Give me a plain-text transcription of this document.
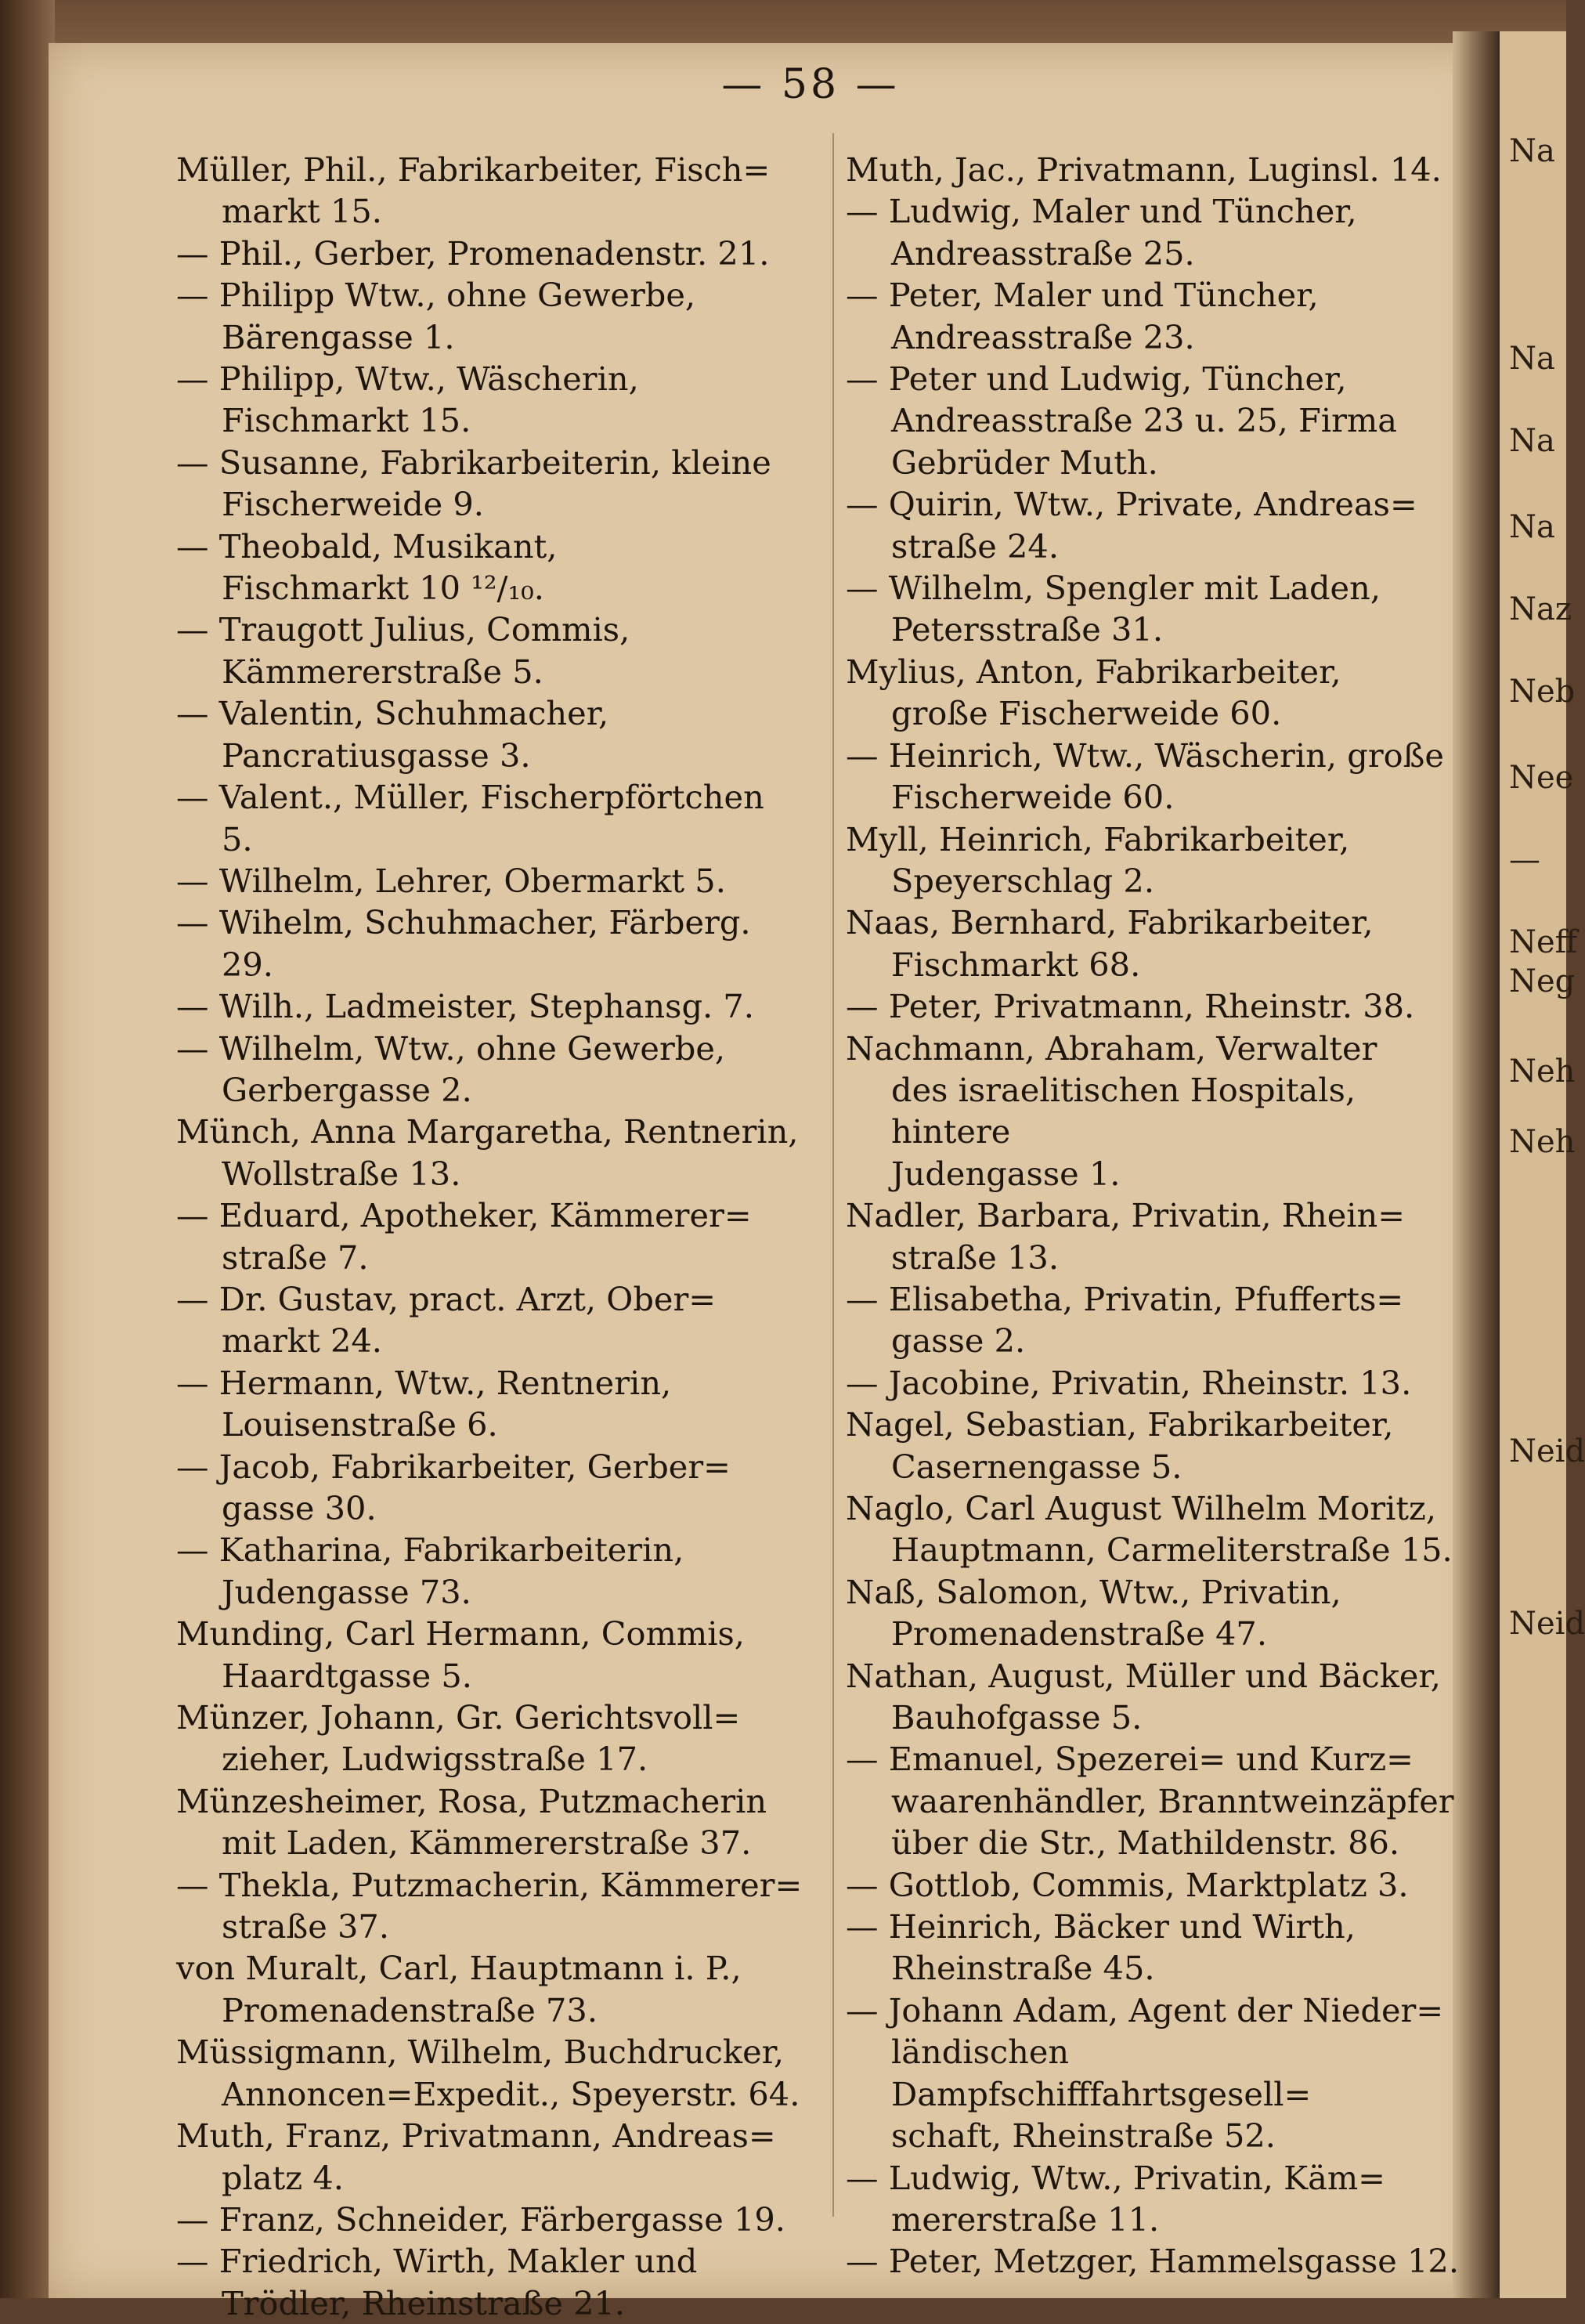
Na
Na
Na
Na
Naz
Neb
Nee
—
Neff
Neg
Neh
Neh
Neid
Neid
— 58 —
Müller, Phil., Fabrikarbeiter, Fisch=
markt 15.
— Phil., Gerber, Promenadenstr. 21.
— Philipp Wtw., ohne Gewerbe,
Bärengasse 1.
— Philipp, Wtw., Wäscherin,
Fischmarkt 15.
— Susanne, Fabrikarbeiterin, kleine
Fischerweide 9.
— Theobald, Musikant,
Fischmarkt 10 ¹²/₁₀.
— Traugott Julius, Commis,
Kämmererstraße 5.
— Valentin, Schuhmacher,
Pancratiusgasse 3.
— Valent., Müller, Fischerpförtchen 5.
— Wilhelm, Lehrer, Obermarkt 5.
— Wihelm, Schuhmacher, Färberg. 29.
— Wilh., Ladmeister, Stephansg. 7.
— Wilhelm, Wtw., ohne Gewerbe,
Gerbergasse 2.
Münch, Anna Margaretha, Rentnerin,
Wollstraße 13.
— Eduard, Apotheker, Kämmerer=
straße 7.
— Dr. Gustav, pract. Arzt, Ober=
markt 24.
— Hermann, Wtw., Rentnerin,
Louisenstraße 6.
— Jacob, Fabrikarbeiter, Gerber=
gasse 30.
— Katharina, Fabrikarbeiterin,
Judengasse 73.
Munding, Carl Hermann, Commis,
Haardtgasse 5.
Münzer, Johann, Gr. Gerichtsvoll=
zieher, Ludwigsstraße 17.
Münzesheimer, Rosa, Putzmacherin
mit Laden, Kämmererstraße 37.
— Thekla, Putzmacherin, Kämmerer=
straße 37.
von Muralt, Carl, Hauptmann i. P.,
Promenadenstraße 73.
Müssigmann, Wilhelm, Buchdrucker,
Annoncen=Expedit., Speyerstr. 64.
Muth, Franz, Privatmann, Andreas=
platz 4.
— Franz, Schneider, Färbergasse 19.
— Friedrich, Wirth, Makler und
Trödler, Rheinstraße 21.
Muth, Jac., Privatmann, Luginsl. 14.
— Ludwig, Maler und Tüncher,
Andreasstraße 25.
— Peter, Maler und Tüncher,
Andreasstraße 23.
— Peter und Ludwig, Tüncher,
Andreasstraße 23 u. 25, Firma
Gebrüder Muth.
— Quirin, Wtw., Private, Andreas=
straße 24.
— Wilhelm, Spengler mit Laden,
Petersstraße 31.
Mylius, Anton, Fabrikarbeiter,
große Fischerweide 60.
— Heinrich, Wtw., Wäscherin, große
Fischerweide 60.
Myll, Heinrich, Fabrikarbeiter,
Speyerschlag 2.
Naas, Bernhard, Fabrikarbeiter,
Fischmarkt 68.
— Peter, Privatmann, Rheinstr. 38.
Nachmann, Abraham, Verwalter
des israelitischen Hospitals, hintere
Judengasse 1.
Nadler, Barbara, Privatin, Rhein=
straße 13.
— Elisabetha, Privatin, Pfufferts=
gasse 2.
— Jacobine, Privatin, Rheinstr. 13.
Nagel, Sebastian, Fabrikarbeiter,
Casernengasse 5.
Naglo, Carl August Wilhelm Moritz,
Hauptmann, Carmeliterstraße 15.
Naß, Salomon, Wtw., Privatin,
Promenadenstraße 47.
Nathan, August, Müller und Bäcker,
Bauhofgasse 5.
— Emanuel, Spezerei= und Kurz=
waarenhändler, Branntweinzäpfer
über die Str., Mathildenstr. 86.
— Gottlob, Commis, Marktplatz 3.
— Heinrich, Bäcker und Wirth,
Rheinstraße 45.
— Johann Adam, Agent der Nieder=
ländischen Dampfschifffahrtsgesell=
schaft, Rheinstraße 52.
— Ludwig, Wtw., Privatin, Käm=
mererstraße 11.
— Peter, Metzger, Hammelsgasse 12.
